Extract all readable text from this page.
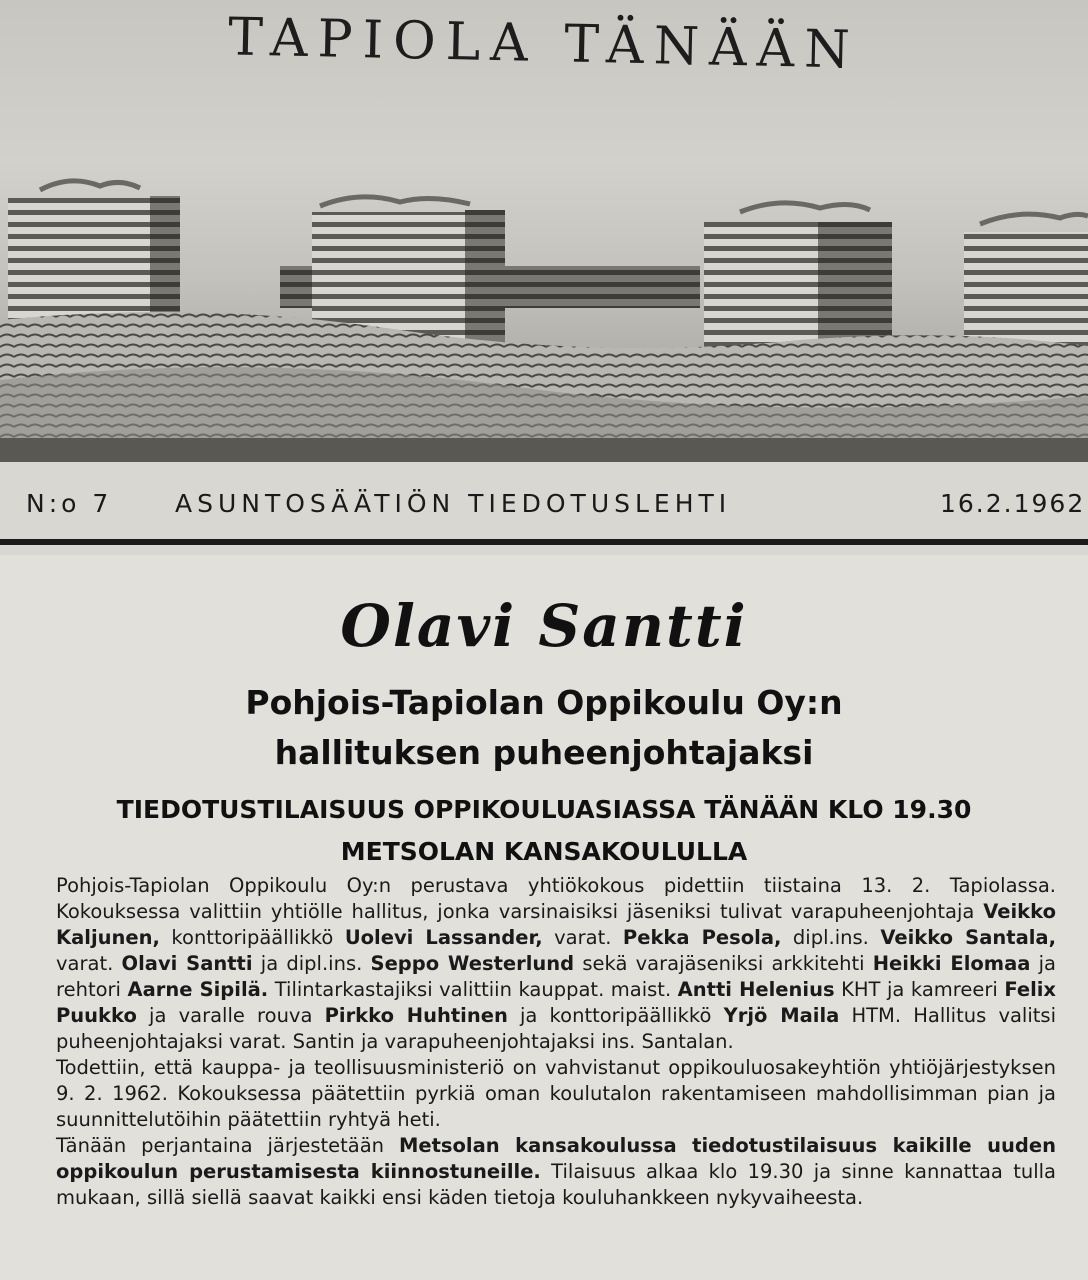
TAPIOLA TÄNÄÄN
N:o 7	ASUNTOSÄÄTIÖN TIEDOTUSLEHTI	16.2.1962
Olavi Santti
Pohjois-Tapiolan Oppikoulu Oy:n
hallituksen puheenjohtajaksi
TIEDOTUSTILAISUUS OPPIKOULUASIASSA TÄNÄÄN KLO 19.30
METSOLAN KANSAKOULULLA

Pohjois-Tapiolan Oppikoulu Oy:n perustava yhtiökokous pidettiin tiistaina 13. 2. Tapiolassa. Kokouksessa valittiin yhtiölle hallitus, jonka varsinaisiksi jäseniksi tulivat varapuheenjohtaja Veikko Kaljunen, konttoripäällikkö Uolevi Lassander, varat. Pekka Pesola, dipl.ins. Veikko Santala, varat. Olavi Santti ja dipl.ins. Seppo Westerlund sekä varajäseniksi arkkitehti Heikki Elomaa ja rehtori Aarne Sipilä. Tilintarkastajiksi valittiin kauppat. maist. Antti Helenius KHT ja kamreeri Felix Puukko ja varalle rouva Pirkko Huhtinen ja konttoripäällikkö Yrjö Maila HTM. Hallitus valitsi puheenjohtajaksi varat. Santin ja varapuheenjohtajaksi ins. Santalan.

Todettiin, että kauppa- ja teollisuusministeriö on vahvistanut oppikouluosakeyhtiön yhtiöjärjestyksen 9. 2. 1962. Kokouksessa päätettiin pyrkiä oman koulutalon rakentamiseen mahdollisimman pian ja suunnittelutöihin päätettiin ryhtyä heti.

Tänään perjantaina järjestetään Metsolan kansakoulussa tiedotustilaisuus kaikille uuden oppikoulun perustamisesta kiinnostuneille. Tilaisuus alkaa klo 19.30 ja sinne kannattaa tulla mukaan, sillä siellä saavat kaikki ensi käden tietoja kouluhankkeen nykyvaiheesta.
